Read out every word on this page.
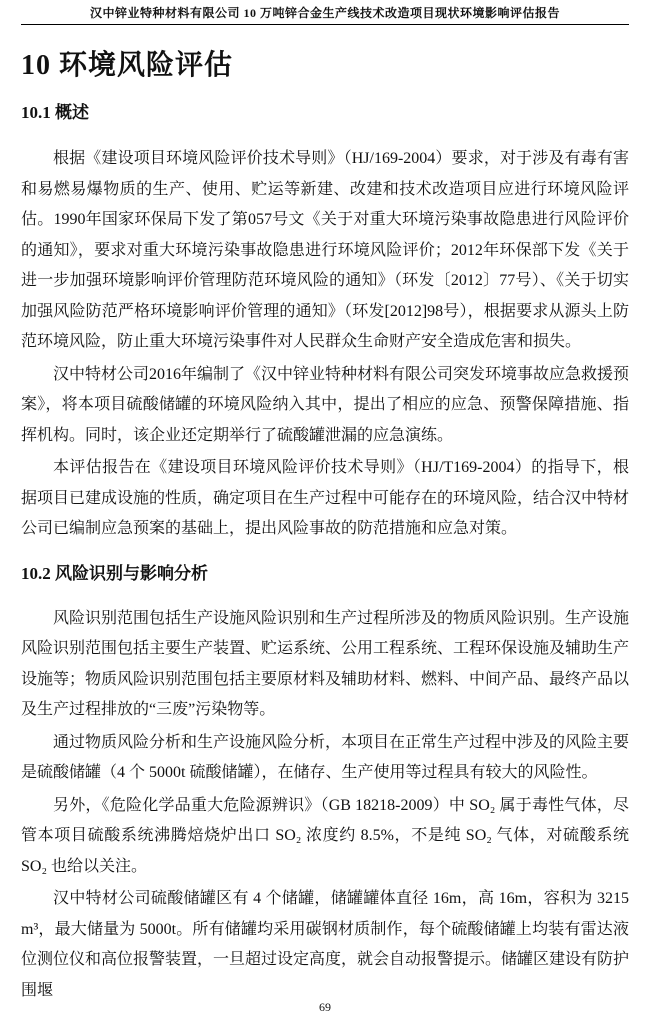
汉中锌业特种材料有限公司 10 万吨锌合金生产线技术改造项目现状环境影响评估报告
10 环境风险评估
10.1 概述

根据《建设项目环境风险评价技术导则》（HJ/169-2004）要求，对于涉及有毒有害和易燃易爆物质的生产、使用、贮运等新建、改建和技术改造项目应进行环境风险评估。1990年国家环保局下发了第057号文《关于对重大环境污染事故隐患进行风险评价的通知》，要求对重大环境污染事故隐患进行环境风险评价；2012年环保部下发《关于进一步加强环境影响评价管理防范环境风险的通知》（环发〔2012〕77号）、《关于切实加强风险防范严格环境影响评价管理的通知》（环发[2012]98号），根据要求从源头上防范环境风险，防止重大环境污染事件对人民群众生命财产安全造成危害和损失。

汉中特材公司2016年编制了《汉中锌业特种材料有限公司突发环境事故应急救援预案》，将本项目硫酸储罐的环境风险纳入其中，提出了相应的应急、预警保障措施、指挥机构。同时，该企业还定期举行了硫酸罐泄漏的应急演练。

本评估报告在《建设项目环境风险评价技术导则》（HJ/T169-2004）的指导下，根据项目已建成设施的性质，确定项目在生产过程中可能存在的环境风险，结合汉中特材公司已编制应急预案的基础上，提出风险事故的防范措施和应急对策。

10.2 风险识别与影响分析

风险识别范围包括生产设施风险识别和生产过程所涉及的物质风险识别。生产设施风险识别范围包括主要生产装置、贮运系统、公用工程系统、工程环保设施及辅助生产设施等；物质风险识别范围包括主要原材料及辅助材料、燃料、中间产品、最终产品以及生产过程排放的“三废”污染物等。

通过物质风险分析和生产设施风险分析，本项目在正常生产过程中涉及的风险主要是硫酸储罐（4 个 5000t 硫酸储罐），在储存、生产使用等过程具有较大的风险性。

另外，《危险化学品重大危险源辨识》（GB 18218-2009）中 SO₂ 属于毒性气体，尽管本项目硫酸系统沸腾焙烧炉出口 SO₂ 浓度约 8.5%，不是纯 SO₂ 气体，对硫酸系统 SO₂ 也给以关注。

汉中特材公司硫酸储罐区有 4 个储罐，储罐罐体直径 16m，高 16m，容积为 3215 m³，最大储量为 5000t。所有储罐均采用碳钢材质制作，每个硫酸储罐上均装有雷达液位测位仪和高位报警装置，一旦超过设定高度，就会自动报警提示。储罐区建设有防护围堰

69
